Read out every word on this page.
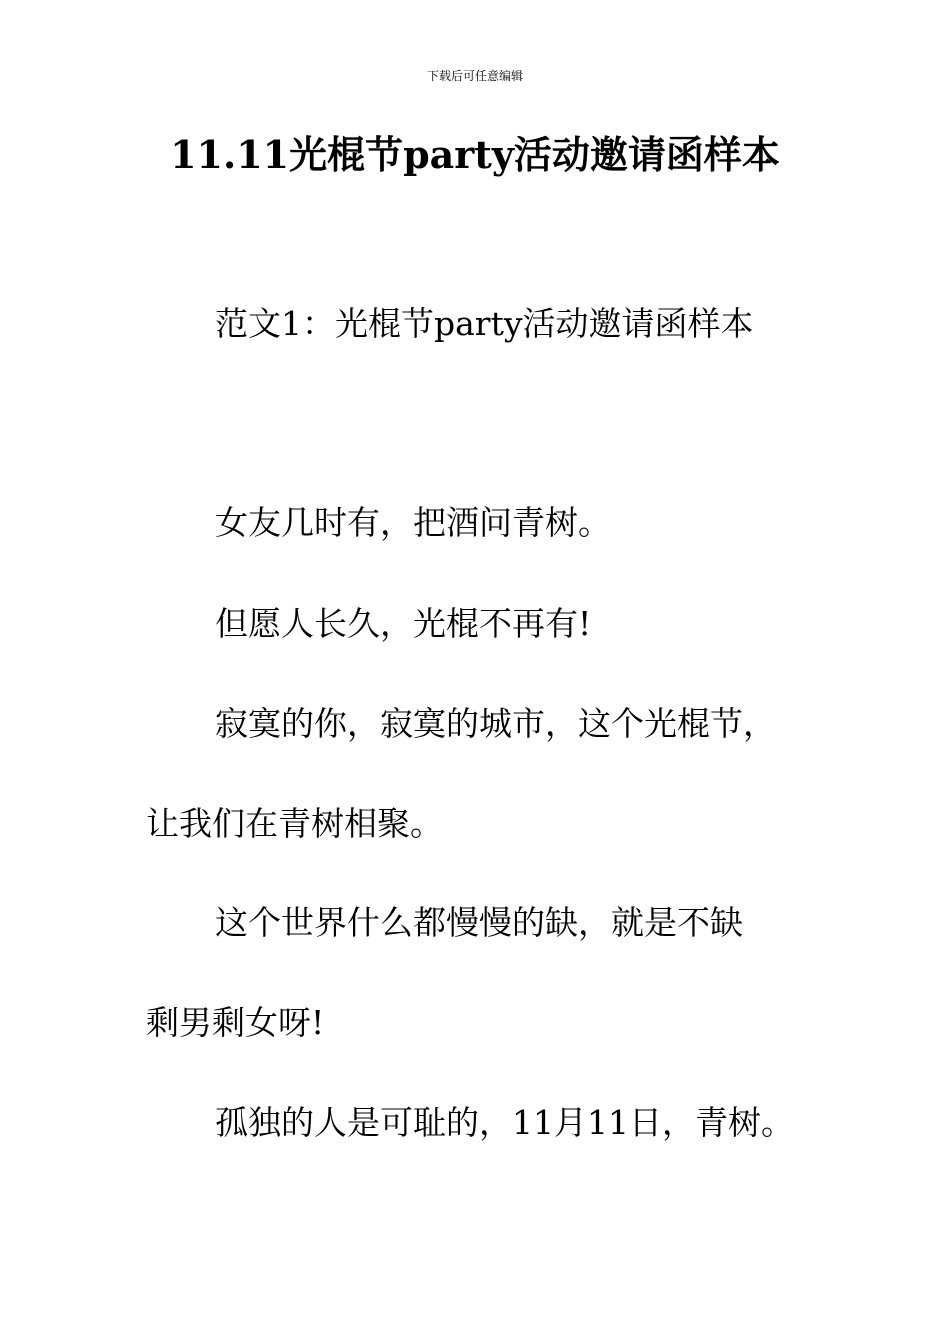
下载后可任意编辑
11.11光棍节party活动邀请函样本
范文1：光棍节party活动邀请函样本
女友几时有，把酒问青树。
但愿人长久，光棍不再有!
寂寞的你，寂寞的城市，这个光棍节，
让我们在青树相聚。
这个世界什么都慢慢的缺，就是不缺
剩男剩女呀!
孤独的人是可耻的，11月11日，青树。
